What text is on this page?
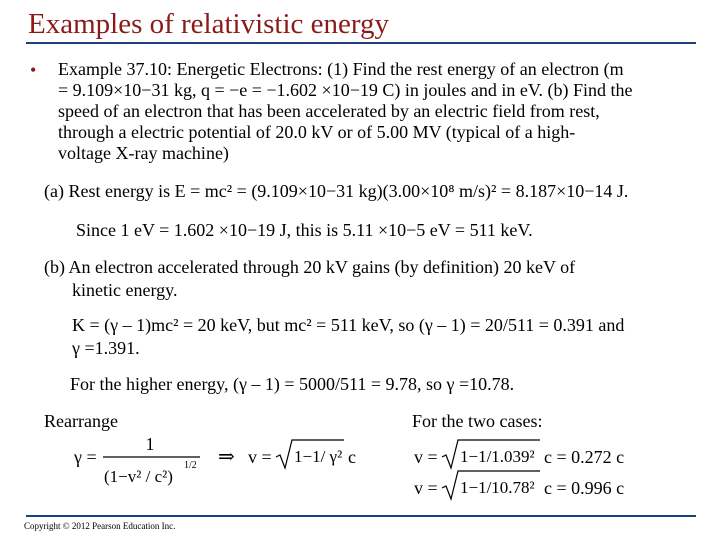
Examples of relativistic energy
• Example 37.10: Energetic Electrons: (1) Find the rest energy of an electron (m
= 9.109×10−31 kg, q = −e = −1.602 ×10−19 C) in joules and in eV. (b) Find the
speed of an electron that has been accelerated by an electric field from rest,
through a electric potential of 20.0 kV or of 5.00 MV (typical of a high-
voltage X-ray machine)
(a) Rest energy is E = mc² = (9.109×10−31 kg)(3.00×10⁸ m/s)² = 8.187×10−14 J.
Since 1 eV = 1.602 ×10−19 J, this is 5.11 ×10−5 eV = 511 keV.
(b) An electron accelerated through 20 kV gains (by definition) 20 keV of
kinetic energy.
K = (γ – 1)mc² = 20 keV, but mc² = 511 keV, so (γ – 1) = 20/511 = 0.391 and
γ =1.391.
For the higher energy, (γ – 1) = 5000/511 = 9.78, so γ =10.78.
Rearrange	For the two cases:
1
γ =
(1−v² / c²)
1/2 ⇒ v = 1−1/ γ² c	v = 1−1/1.039² c = 0.272 c
v = 1−1/10.78² c = 0.996 c
Copyright © 2012 Pearson Education Inc.
